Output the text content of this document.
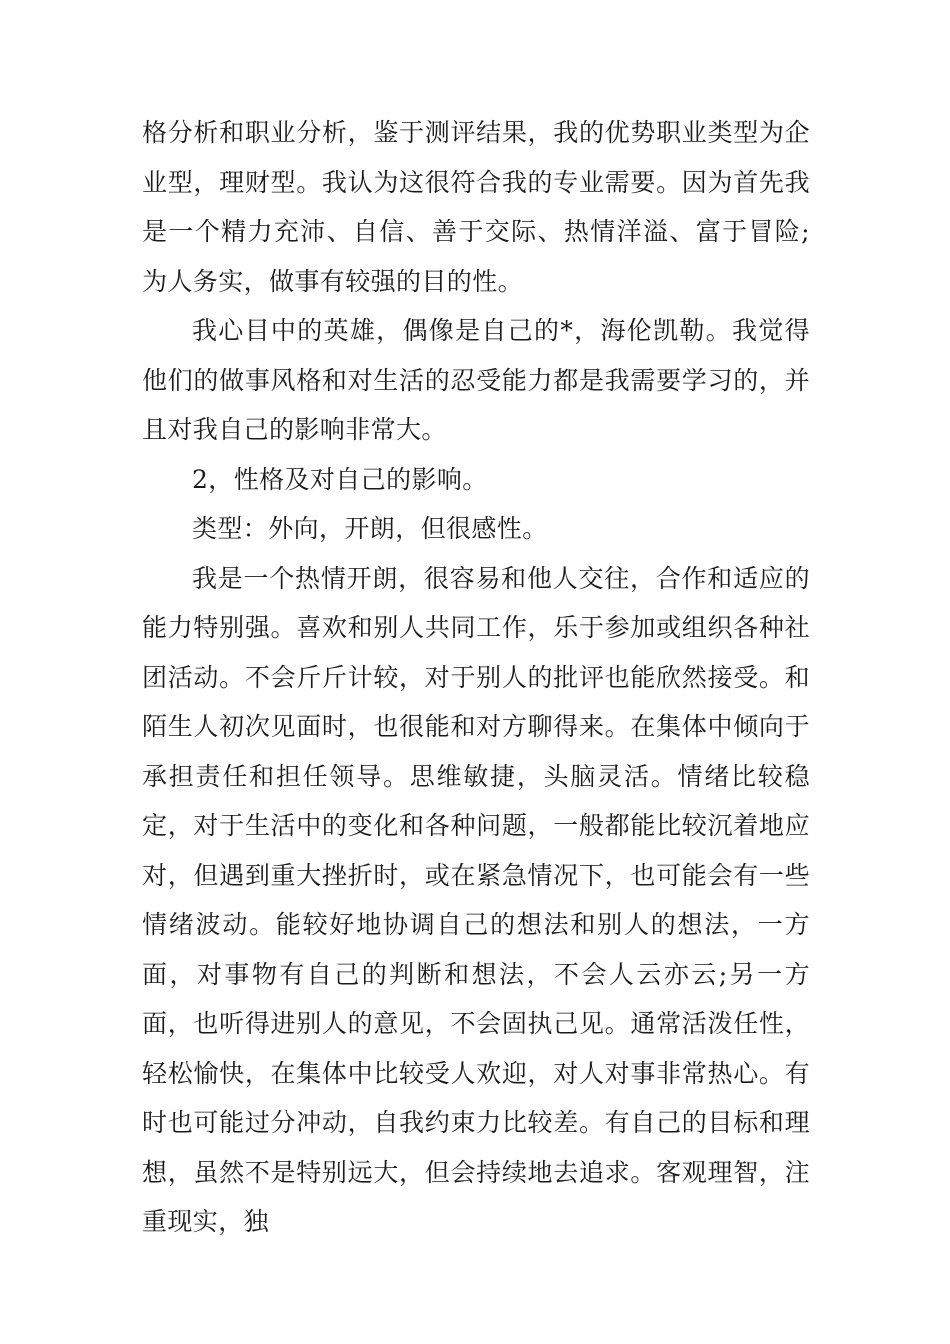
格分析和职业分析，鉴于测评结果，我的优势职业类型为企业型，理财型。我认为这很符合我的专业需要。因为首先我是一个精力充沛、自信、善于交际、热情洋溢、富于冒险;为人务实，做事有较强的目的性。

我心目中的英雄，偶像是自己的*，海伦凯勒。我觉得他们的做事风格和对生活的忍受能力都是我需要学习的，并且对我自己的影响非常大。

2，性格及对自己的影响。

类型：外向，开朗，但很感性。

我是一个热情开朗，很容易和他人交往，合作和适应的能力特别强。喜欢和别人共同工作，乐于参加或组织各种社团活动。不会斤斤计较，对于别人的批评也能欣然接受。和陌生人初次见面时，也很能和对方聊得来。在集体中倾向于承担责任和担任领导。思维敏捷，头脑灵活。情绪比较稳定，对于生活中的变化和各种问题，一般都能比较沉着地应对，但遇到重大挫折时，或在紧急情况下，也可能会有一些情绪波动。能较好地协调自己的想法和别人的想法，一方面，对事物有自己的判断和想法，不会人云亦云;另一方面，也听得进别人的意见，不会固执己见。通常活泼任性，轻松愉快，在集体中比较受人欢迎，对人对事非常热心。有时也可能过分冲动，自我约束力比较差。有自己的目标和理想，虽然不是特别远大，但会持续地去追求。客观理智，注重现实，独
